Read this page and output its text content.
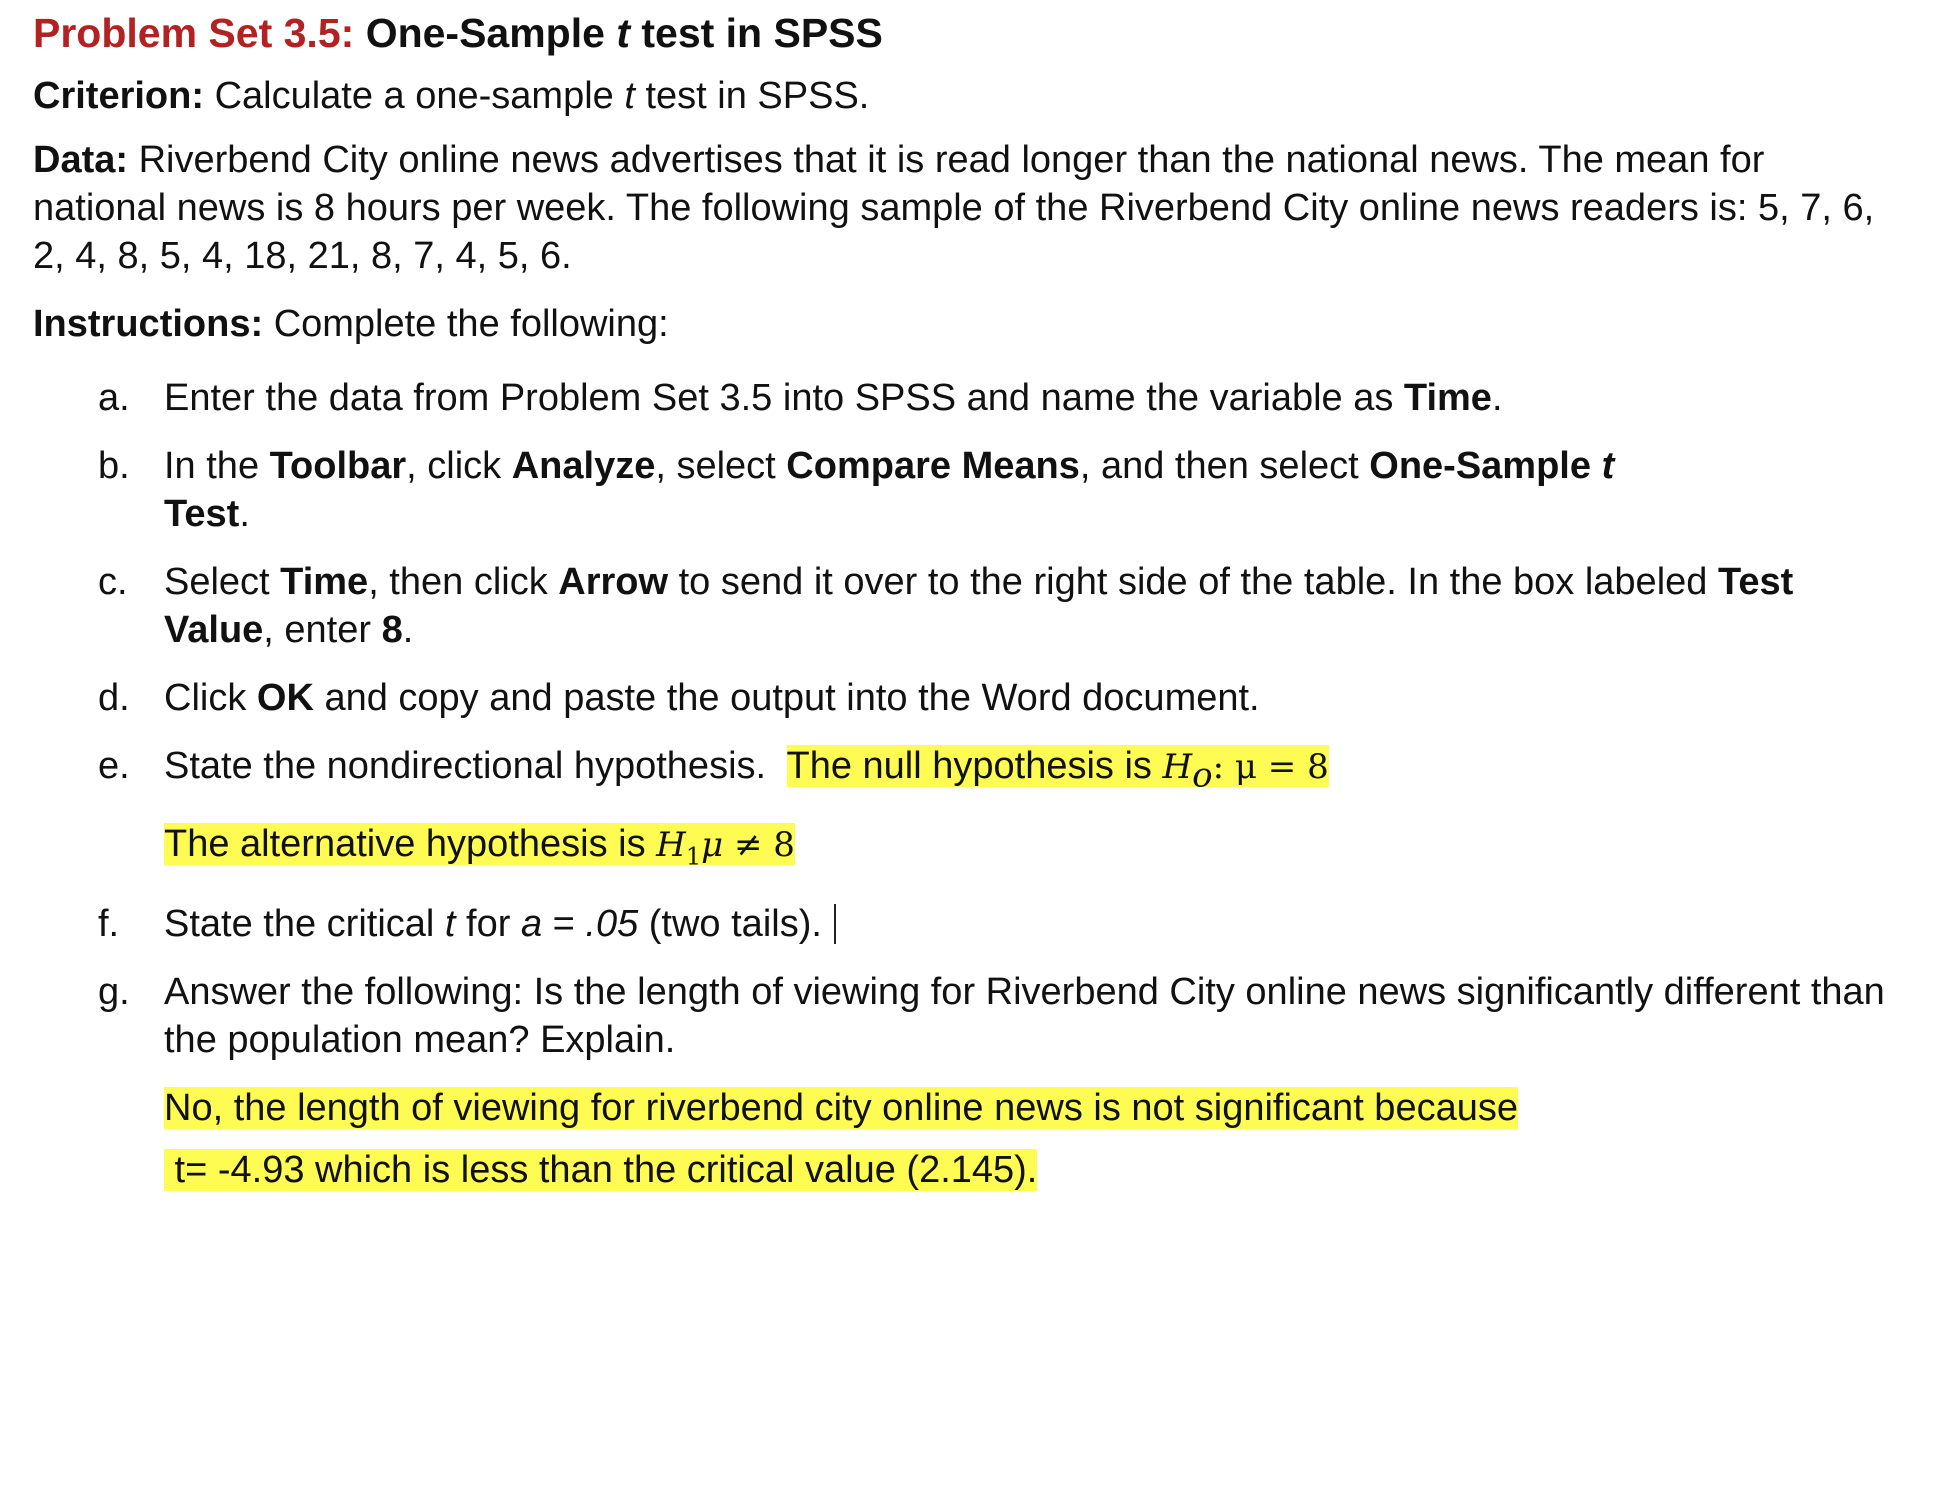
Problem Set 3.5: One-Sample t test in SPSS
Criterion: Calculate a one-sample t test in SPSS.
Data: Riverbend City online news advertises that it is read longer than the national news. The mean for national news is 8 hours per week. The following sample of the Riverbend City online news readers is: 5, 7, 6, 2, 4, 8, 5, 4, 18, 21, 8, 7, 4, 5, 6.
Instructions: Complete the following:
a. Enter the data from Problem Set 3.5 into SPSS and name the variable as Time.
b. In the Toolbar, click Analyze, select Compare Means, and then select One-Sample t
Test.
c. Select Time, then click Arrow to send it over to the right side of the table. In the box labeled Test Value, enter 8.
d. Click OK and copy and paste the output into the Word document.
e. State the nondirectional hypothesis. The null hypothesis is $H_o$: μ = 8
The alternative hypothesis is $H_1\mu \ne 8$
f. State the critical t for a = .05 (two tails).
g. Answer the following: Is the length of viewing for Riverbend City online news significantly different than the population mean? Explain.
No, the length of viewing for riverbend city online news is not significant because
t= -4.93 which is less than the critical value (2.145).
